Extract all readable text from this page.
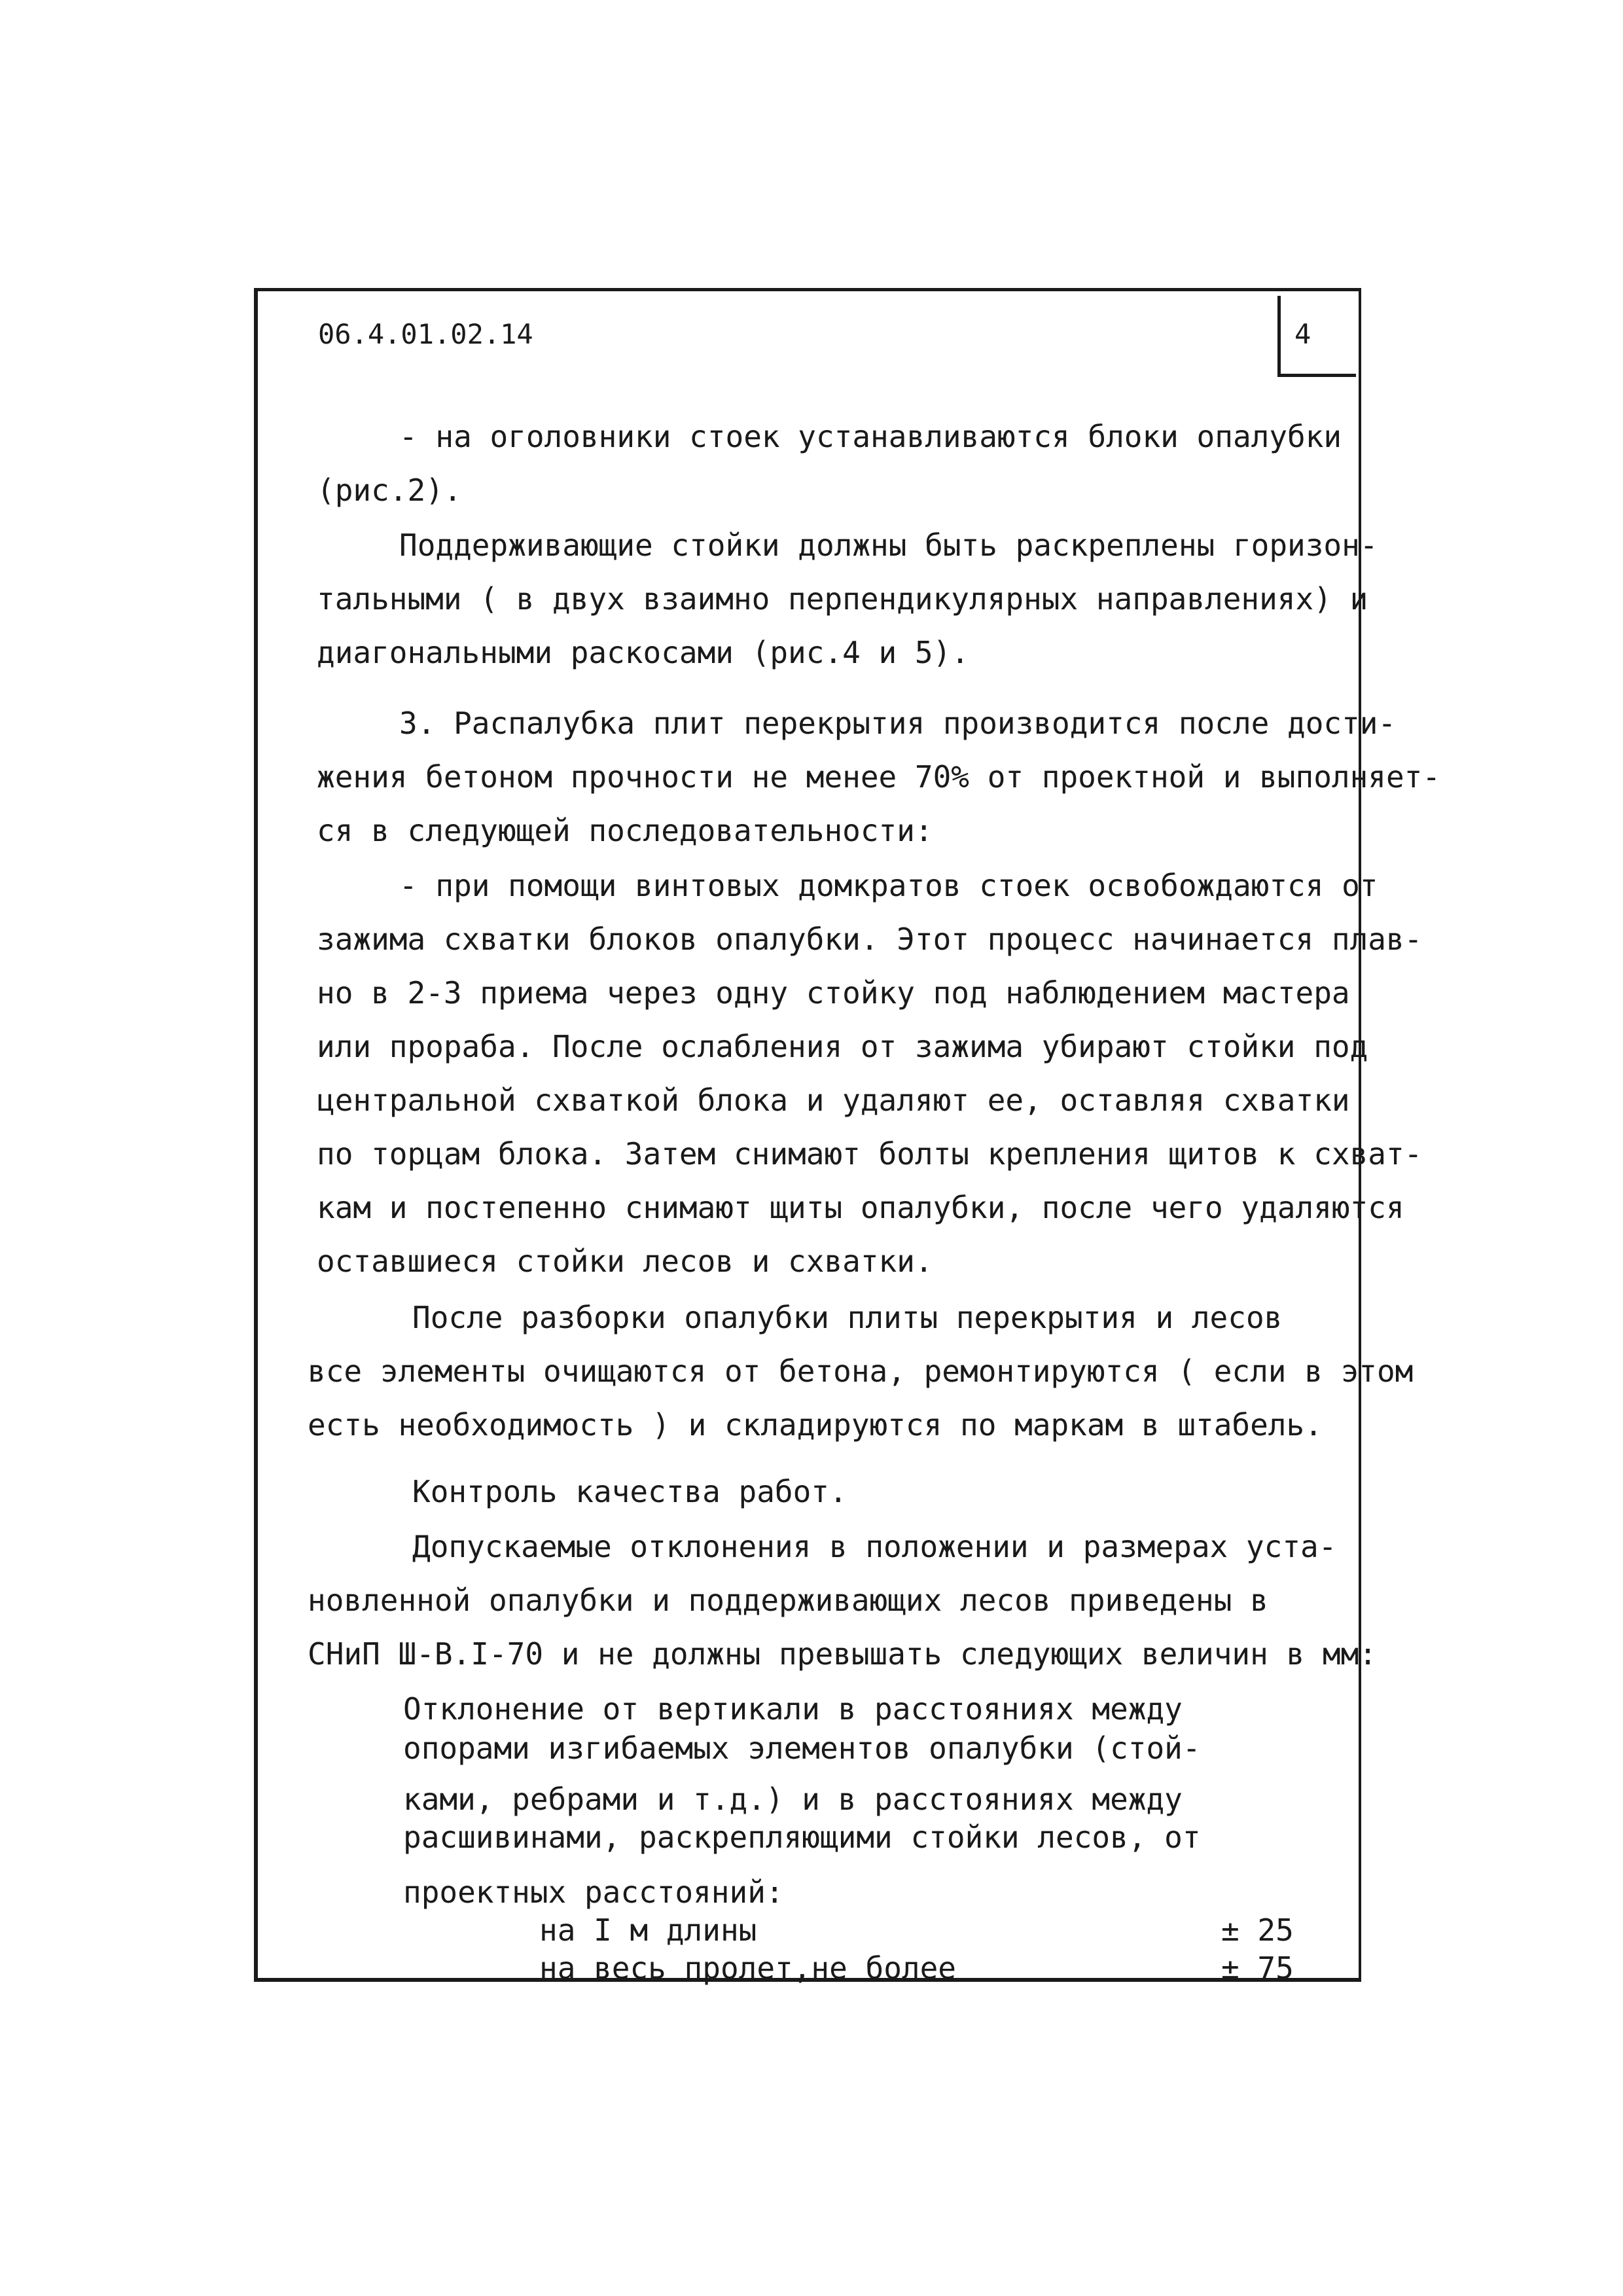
06.4.01.02.14	4
- на оголовники стоек устанавливаются блоки опалубки
(рис.2).
Поддерживающие стойки должны быть раскреплены горизон-
тальными ( в двух взаимно перпендикулярных направлениях) и
диагональными раскосами (рис.4 и 5).
3. Распалубка плит перекрытия производится после дости-
жения бетоном прочности не менее 70% от проектной и выполняет-
ся в следующей последовательности:
- при помощи винтовых домкратов стоек освобождаются от
зажима схватки блоков опалубки. Этот процесс начинается плав-
но в 2-3 приема через одну стойку под наблюдением мастера
или прораба. После ослабления от зажима убирают стойки под
центральной схваткой блока и удаляют ее, оставляя схватки
по торцам блока. Затем снимают болты крепления щитов к схват-
кам и постепенно снимают щиты опалубки, после чего удаляются
оставшиеся стойки лесов и схватки.
После разборки опалубки плиты перекрытия и лесов
все элементы очищаются от бетона, ремонтируются ( если в этом
есть необходимость ) и складируются по маркам в штабель.
Контроль качества работ.
Допускаемые отклонения в положении и размерах уста-
новленной опалубки и поддерживающих лесов приведены в
СНиП Ш-В.I-70 и не должны превышать следующих величин в мм:
Отклонение от вертикали в расстояниях между
опорами изгибаемых элементов опалубки (стой-
ками, ребрами и т.д.) и в расстояниях между
расшивинами, раскрепляющими стойки лесов, от
проектных расстояний:
на I м длины	± 25
на весь пролет,не более	± 75
